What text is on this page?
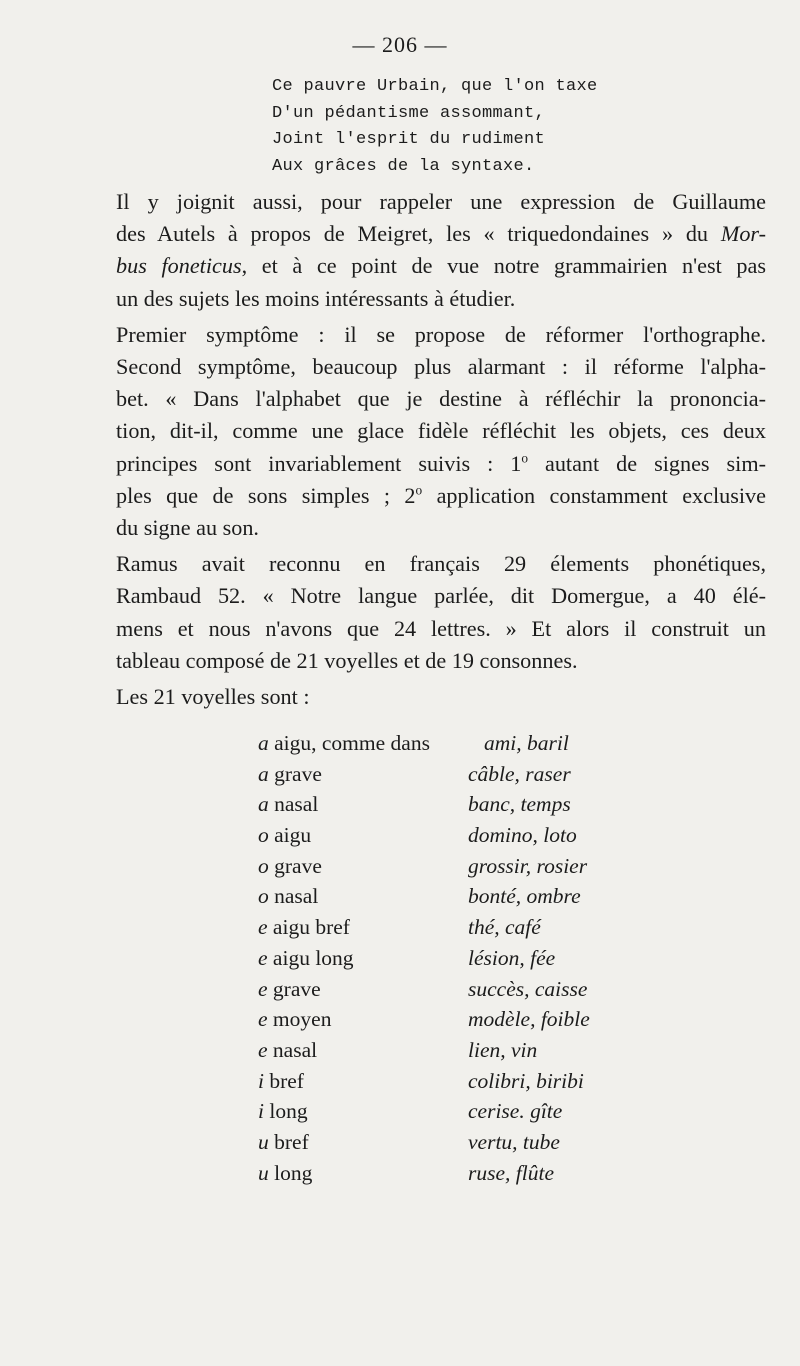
— 206 —
Ce pauvre Urbain, que l'on taxe
D'un pédantisme assommant,
Joint l'esprit du rudiment
Aux grâces de la syntaxe.

Il y joignit aussi, pour rappeler une expression de Guillaume
des Autels à propos de Meigret, les « triquedondaines » du Mor-
bus foneticus, et à ce point de vue notre grammairien n'est pas
un des sujets les moins intéressants à étudier.

Premier symptôme : il se propose de réformer l'orthographe.
Second symptôme, beaucoup plus alarmant : il réforme l'alpha-
bet. « Dans l'alphabet que je destine à réfléchir la prononcia-
tion, dit-il, comme une glace fidèle réfléchit les objets, ces deux
principes sont invariablement suivis : 1$^o$ autant de signes sim-
ples que de sons simples ; 2$^o$ application constamment exclusive
du signe au son.

Ramus avait reconnu en français 29 élements phonétiques,
Rambaud 52. « Notre langue parlée, dit Domergue, a 40 élé-
mens et nous n'avons que 24 lettres. » Et alors il construit un
tableau composé de 21 voyelles et de 19 consonnes.

Les 21 voyelles sont :

a aigu, comme dans	ami, baril
a grave	câble, raser
a nasal	banc, temps
o aigu	domino, loto
o grave	grossir, rosier
o nasal	bonté, ombre
e aigu bref	thé, café
e aigu long	lésion, fée
e grave	succès, caisse
e moyen	modèle, foible
e nasal	lien, vin
i bref	colibri, biribi
i long	cerise. gîte
u bref	vertu, tube
u long	ruse, flûte
